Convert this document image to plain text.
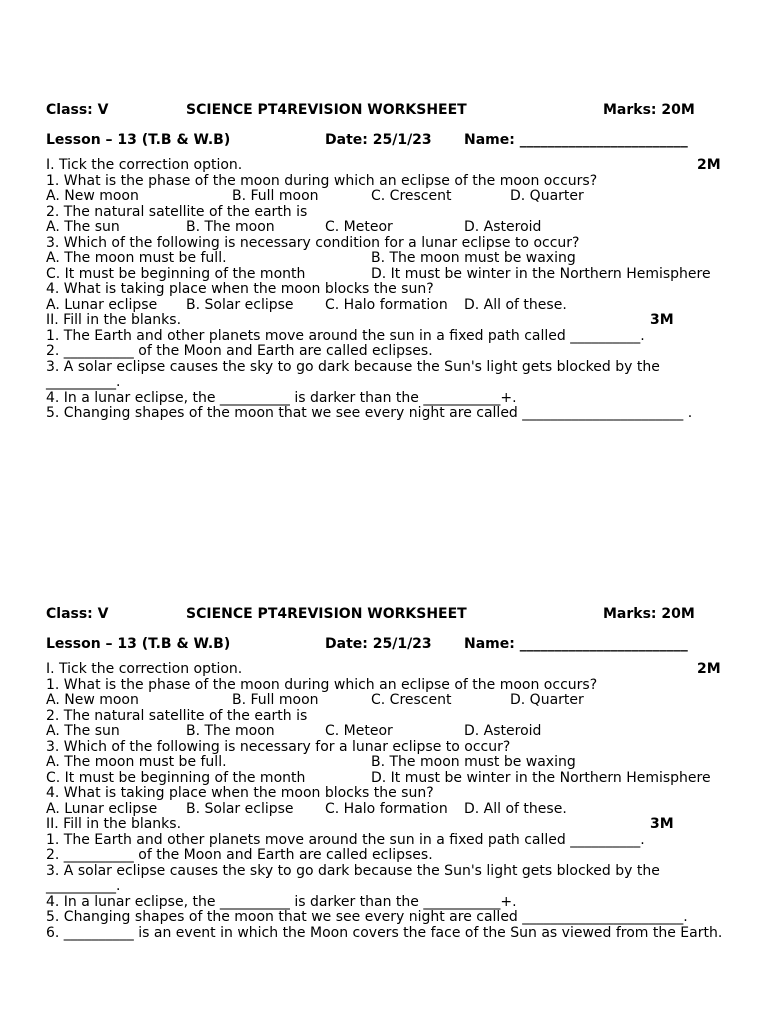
Class: V	SCIENCE PT4REVISION WORKSHEET	Marks: 20M
Lesson – 13 (T.B & W.B)	Date: 25/1/23 Name: ________________________
I. Tick the correction option.	2M
1. What is the phase of the moon during which an eclipse of the moon occurs?
A. New moon	B. Full moon	C. Crescent	D. Quarter
2. The natural satellite of the earth is
A. The sun	B. The moon	C. Meteor	D. Asteroid
3. Which of the following is necessary condition for a lunar eclipse to occur?
A. The moon must be full.	B. The moon must be waxing
C. It must be beginning of the month	D. It must be winter in the Northern Hemisphere
4. What is taking place when the moon blocks the sun?
A. Lunar eclipse B. Solar eclipse C. Halo formation D. All of these.
II. Fill in the blanks.	3M
1. The Earth and other planets move around the sun in a fixed path called __________.
2. __________ of the Moon and Earth are called eclipses.
3. A solar eclipse causes the sky to go dark because the Sun's light gets blocked by the __________.
4. In a lunar eclipse, the __________ is darker than the ___________+.
5. Changing shapes of the moon that we see every night are called _______________________ .
Class: V	SCIENCE PT4REVISION WORKSHEET	Marks: 20M
Lesson – 13 (T.B & W.B)	Date: 25/1/23 Name: ________________________
I. Tick the correction option.	2M
1. What is the phase of the moon during which an eclipse of the moon occurs?
A. New moon	B. Full moon	C. Crescent	D. Quarter
2. The natural satellite of the earth is
A. The sun	B. The moon	C. Meteor	D. Asteroid
3. Which of the following is necessary for a lunar eclipse to occur?
A. The moon must be full.	B. The moon must be waxing
C. It must be beginning of the month	D. It must be winter in the Northern Hemisphere
4. What is taking place when the moon blocks the sun?
A. Lunar eclipse B. Solar eclipse C. Halo formation D. All of these.
II. Fill in the blanks.	3M
1. The Earth and other planets move around the sun in a fixed path called __________.
2. __________ of the Moon and Earth are called eclipses.
3. A solar eclipse causes the sky to go dark because the Sun's light gets blocked by the __________.
4. In a lunar eclipse, the __________ is darker than the ___________+.
5. Changing shapes of the moon that we see every night are called _______________________.
6. __________ is an event in which the Moon covers the face of the Sun as viewed from the Earth.
